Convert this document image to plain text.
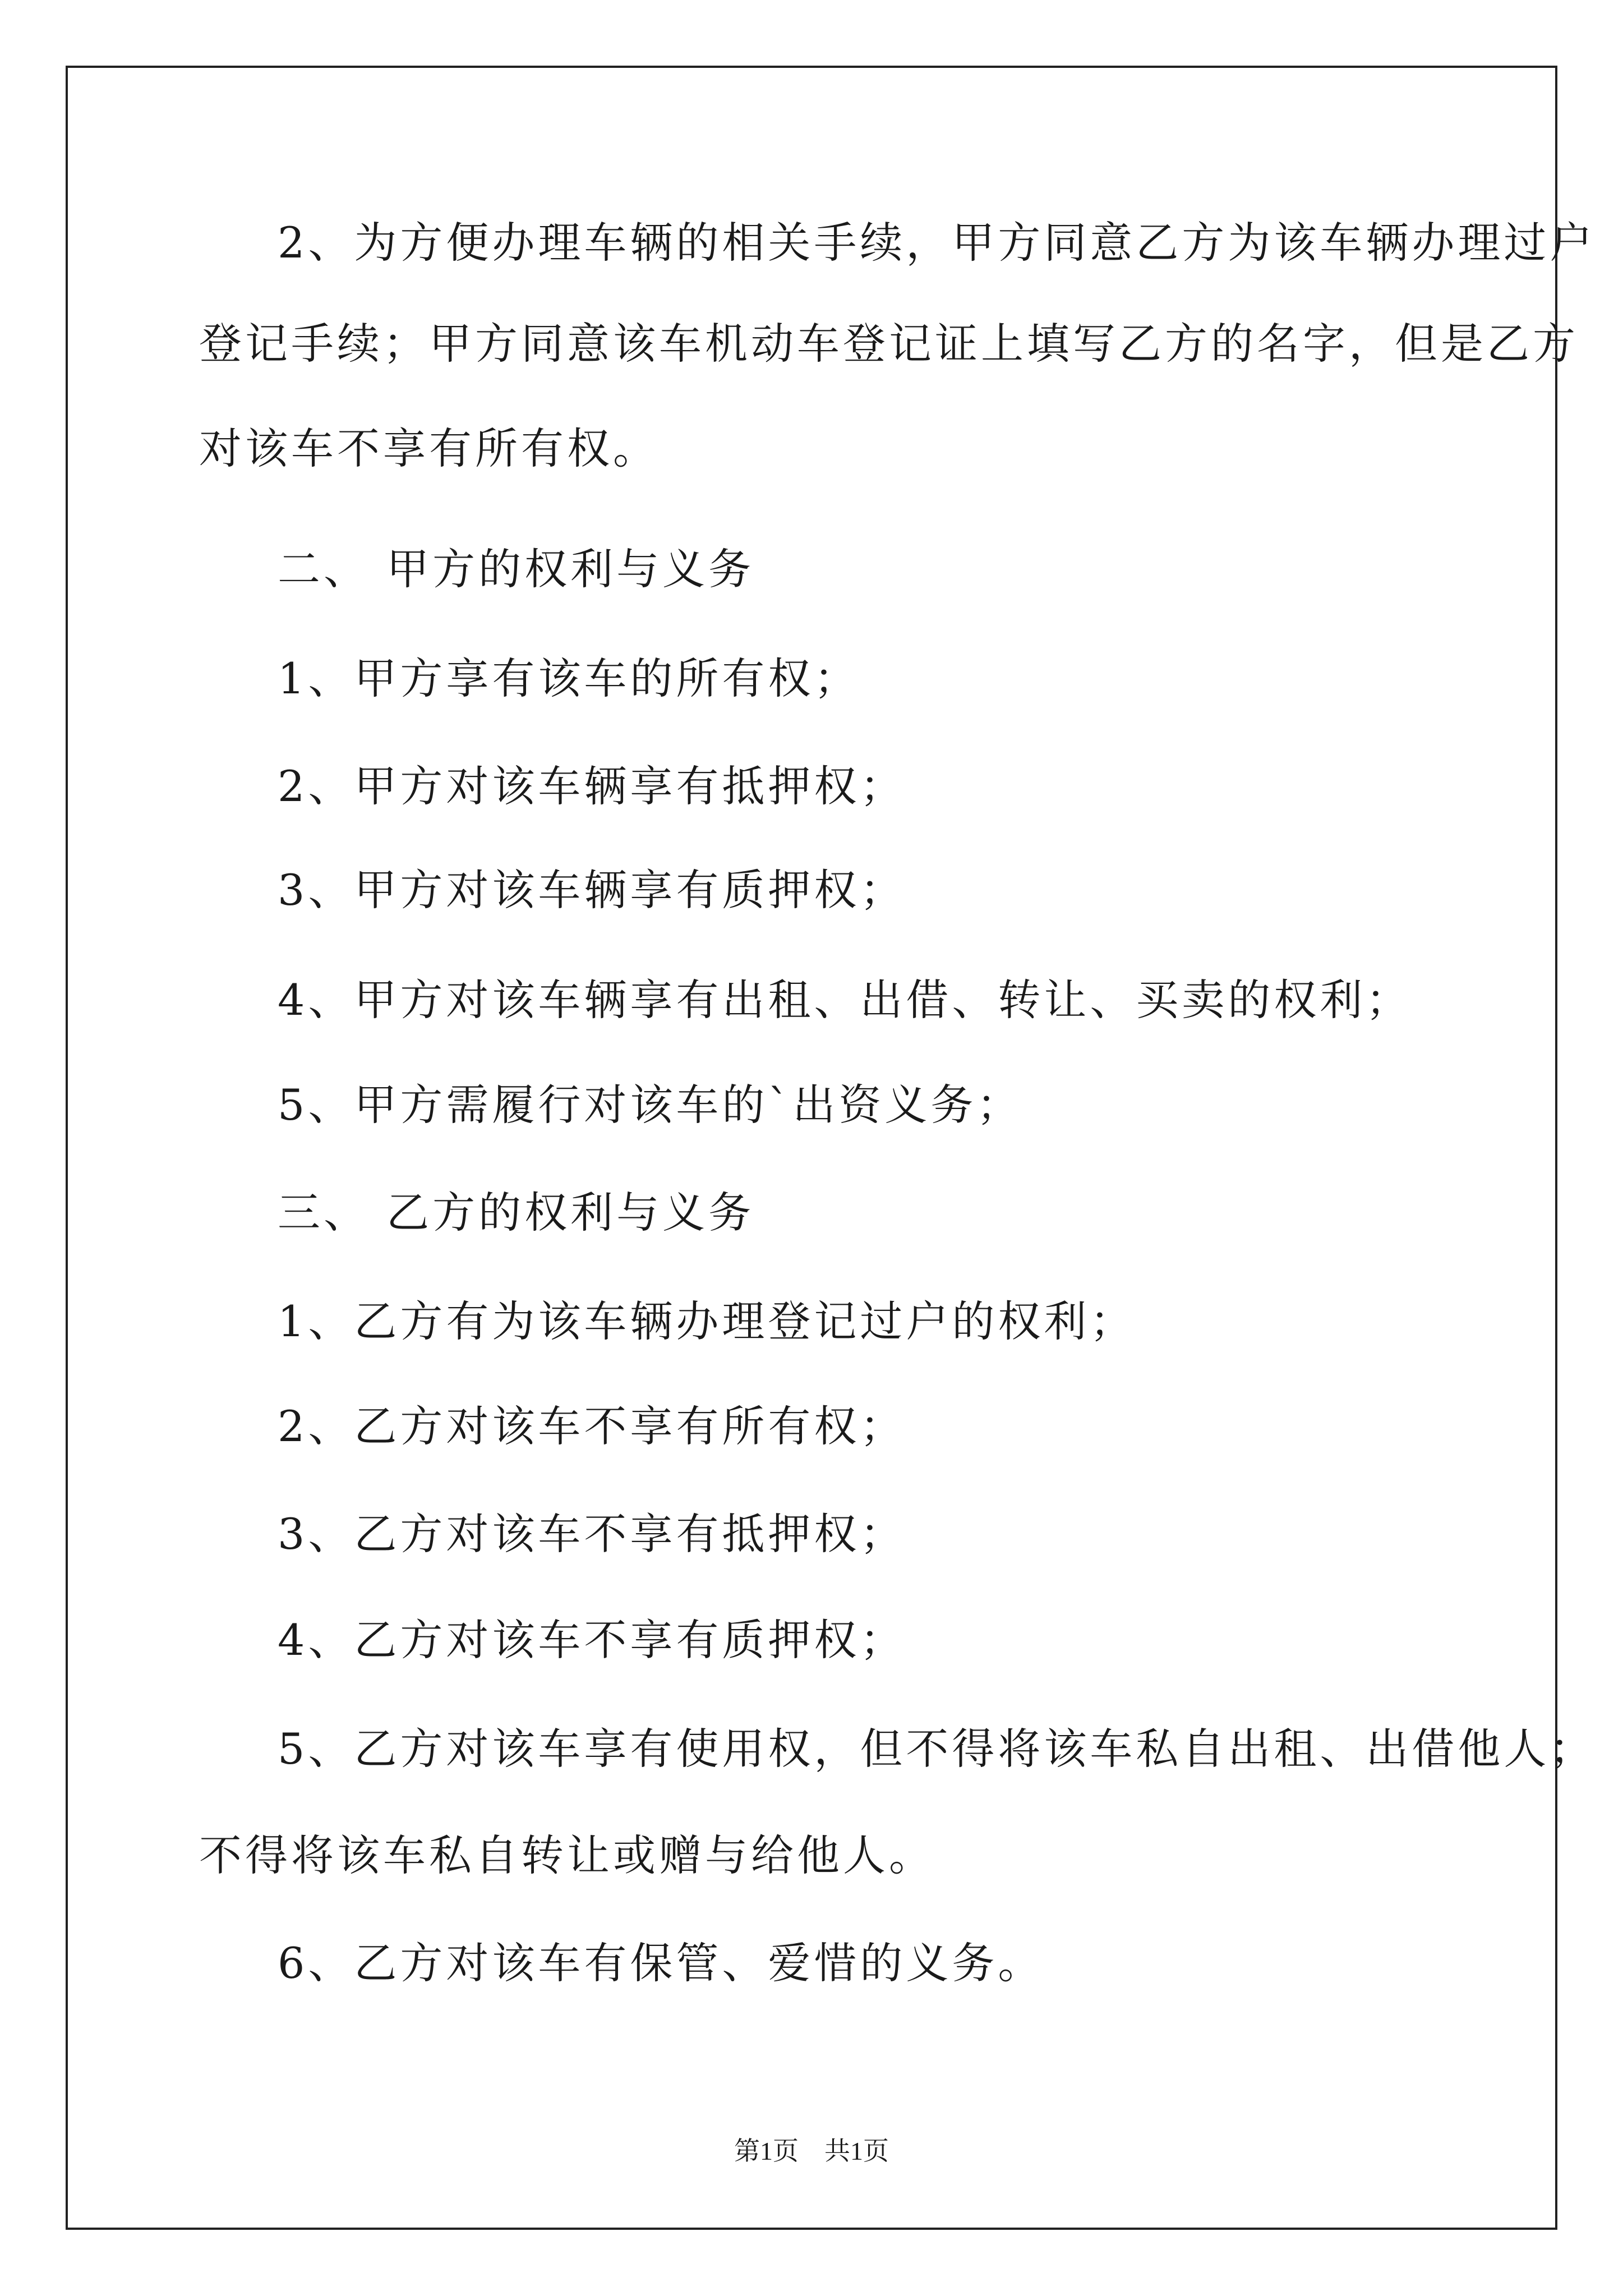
2、为方便办理车辆的相关手续，甲方同意乙方为该车辆办理过户
登记手续；甲方同意该车机动车登记证上填写乙方的名字，但是乙方
对该车不享有所有权。
二、 甲方的权利与义务
1、甲方享有该车的所有权；
2、甲方对该车辆享有抵押权；
3、甲方对该车辆享有质押权；
4、甲方对该车辆享有出租、出借、转让、买卖的权利；
5、甲方需履行对该车的`出资义务；
三、 乙方的权利与义务
1、乙方有为该车辆办理登记过户的权利；
2、乙方对该车不享有所有权；
3、乙方对该车不享有抵押权；
4、乙方对该车不享有质押权；
5、乙方对该车享有使用权，但不得将该车私自出租、出借他人；
不得将该车私自转让或赠与给他人。
6、乙方对该车有保管、爱惜的义务。
第1页　共1页
